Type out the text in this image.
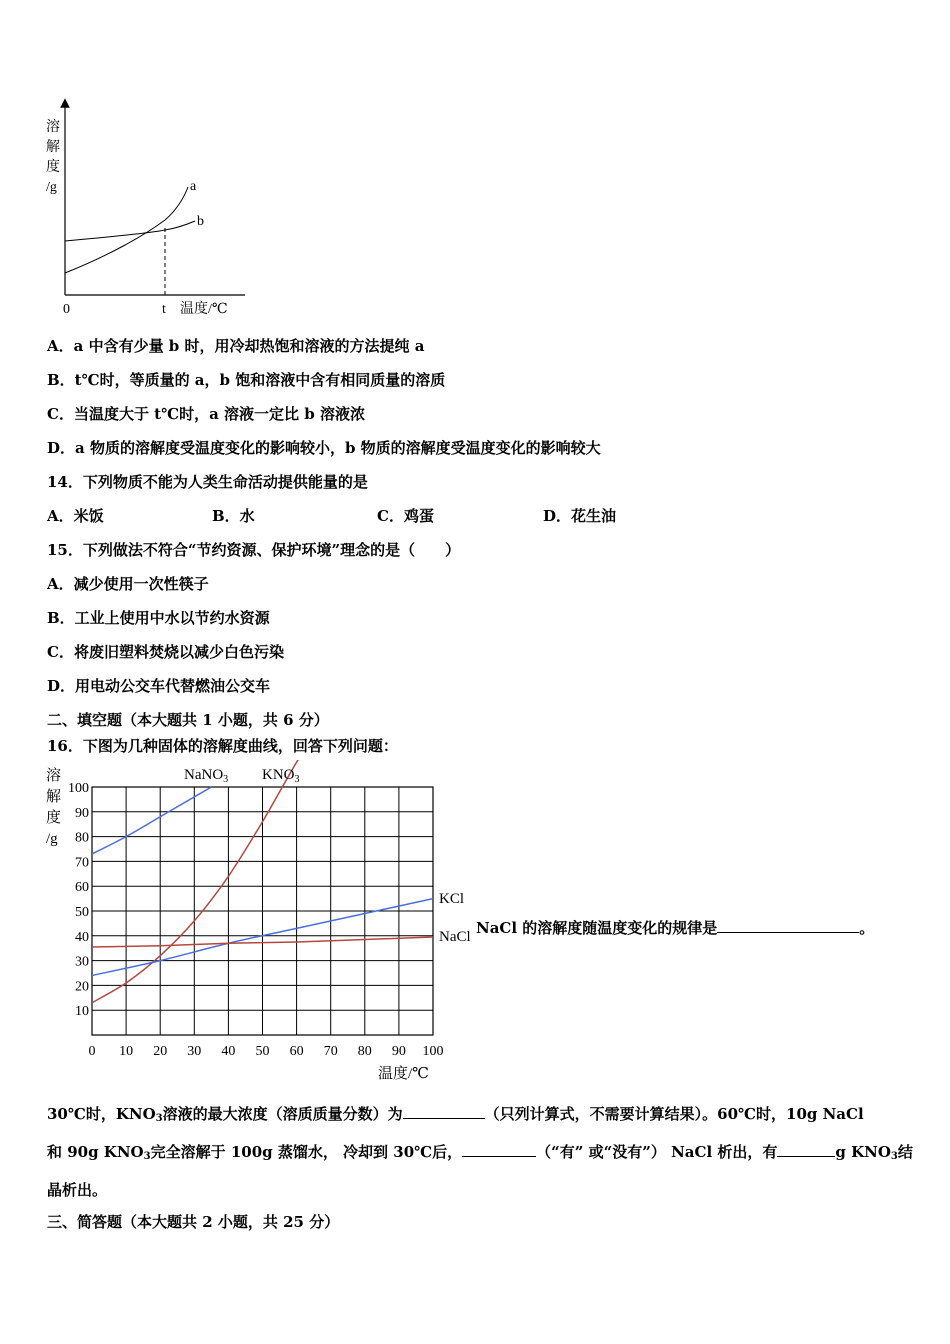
溶
解
度
/g	a
b
0	t 温度/℃
A．a 中含有少量 b 时，用冷却热饱和溶液的方法提纯 a
B．t℃时，等质量的 a，b 饱和溶液中含有相同质量的溶质
C．当温度大于 t℃时，a 溶液一定比 b 溶液浓
D．a 物质的溶解度受温度变化的影响较小，b 物质的溶解度受温度变化的影响较大
14．下列物质不能为人类生命活动提供能量的是
A．米饭	B．水	C．鸡蛋	D．花生油
15．下列做法不符合“节约资源、保护环境”理念的是（　　）
A．减少使用一次性筷子
B．工业上使用中水以节约水资源
C．将废旧塑料焚烧以减少白色污染
D．用电动公交车代替燃油公交车
二、填空题（本大题共 1 小题，共 6 分）
16．下图为几种固体的溶解度曲线，回答下列问题：
0 10 20 30 40 50 60 70 80 90 100
10
20
30
40
50
60
70
80
90
100
溶
解
度
/g
温度/℃
NaNO$_3$ $KNO_3$
KCl
NaCl NaCl 的溶解度随温度变化的规律是	。
30℃时，$KNO_3$溶液的最大浓度（溶质质量分数）为	（只列计算式，不需要计算结果）。60℃时，10g NaCl
和 90g $KNO_3$完全溶解于 100g 蒸馏水， 冷却到 30℃后，	（“有” 或“没有”） NaCl 析出，有	g $KNO_3$结
晶析出。
三、简答题（本大题共 2 小题，共 25 分）
